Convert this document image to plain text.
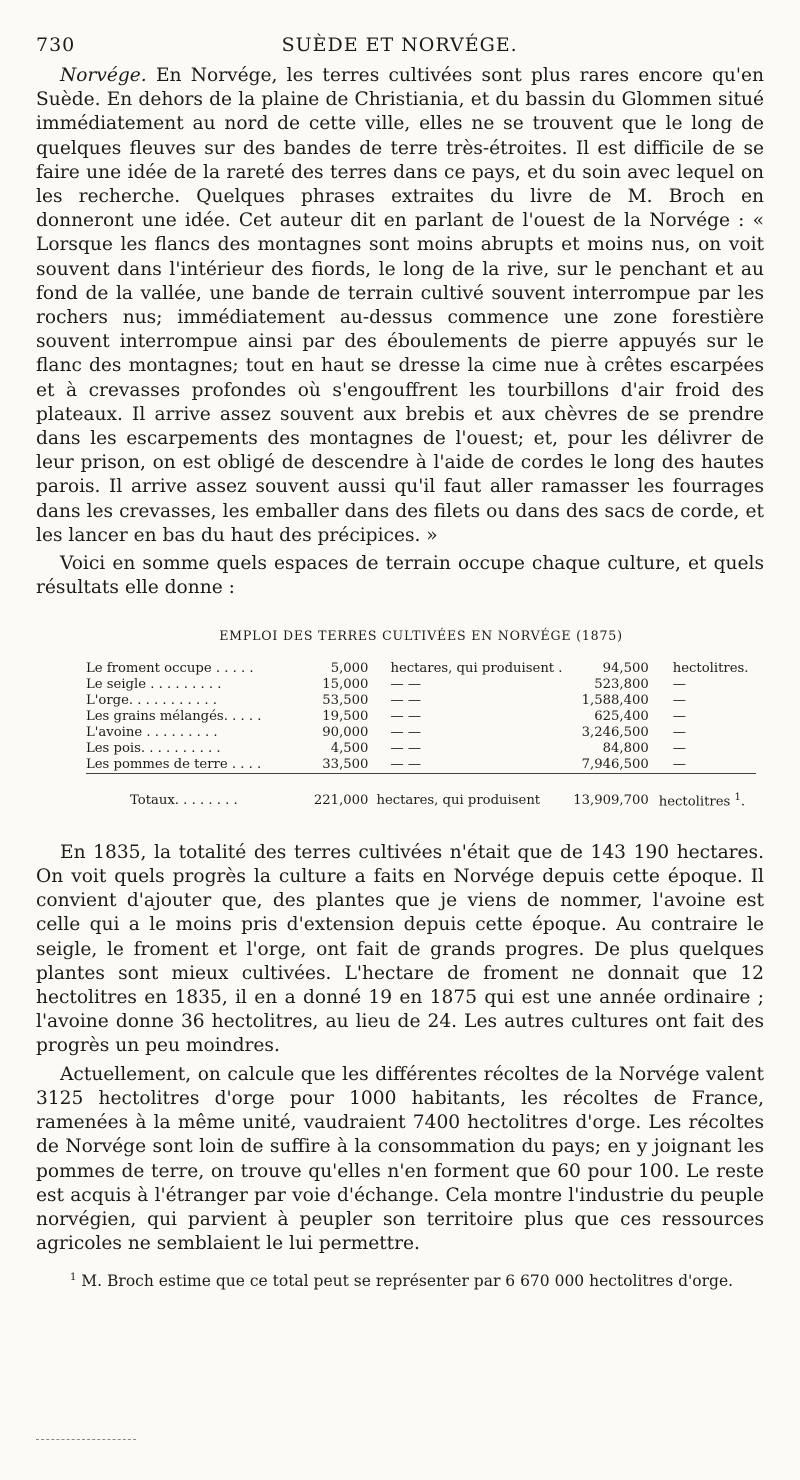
730	SUÈDE ET NORVÉGE.

Norvége. En Norvége, les terres cultivées sont plus rares encore qu'en Suède. En dehors de la plaine de Christiania, et du bassin du Glommen situé immédiatement au nord de cette ville, elles ne se trouvent que le long de quelques fleuves sur des bandes de terre très-étroites. Il est difficile de se faire une idée de la rareté des terres dans ce pays, et du soin avec lequel on les recherche. Quelques phrases extraites du livre de M. Broch en donneront une idée. Cet auteur dit en parlant de l'ouest de la Norvége : « Lorsque les flancs des montagnes sont moins abrupts et moins nus, on voit souvent dans l'intérieur des fiords, le long de la rive, sur le penchant et au fond de la vallée, une bande de terrain cultivé souvent interrompue par les rochers nus; immédiatement au-dessus commence une zone forestière souvent interrompue ainsi par des éboulements de pierre appuyés sur le flanc des montagnes; tout en haut se dresse la cime nue à crêtes escarpées et à crevasses profondes où s'engouffrent les tourbillons d'air froid des plateaux. Il arrive assez souvent aux brebis et aux chèvres de se prendre dans les escarpements des montagnes de l'ouest; et, pour les délivrer de leur prison, on est obligé de descendre à l'aide de cordes le long des hautes parois. Il arrive assez souvent aussi qu'il faut aller ramasser les fourrages dans les crevasses, les emballer dans des filets ou dans des sacs de corde, et les lancer en bas du haut des précipices. »

Voici en somme quels espaces de terrain occupe chaque culture, et quels résultats elle donne :

EMPLOI DES TERRES CULTIVÉES EN NORVÉGE (1875)
Le froment occupe . . . . .	5,000	hectares, qui produisent .	94,500	hectolitres.
Le seigle . . . . . . . . .	15,000	— —	523,800	—
L'orge. . . . . . . . . . .	53,500	— —	1,588,400	—
Les grains mélangés. . . . .	19,500	— —	625,400	—
L'avoine . . . . . . . . .	90,000	— —	3,246,500	—
Les pois. . . . . . . . . .	4,500	— —	84,800	—
Les pommes de terre . . . .	33,500	— —	7,946,500	—

Totaux. . . . . . . .	221,000	hectares, qui produisent	13,909,700	hectolitres $^1$.

En 1835, la totalité des terres cultivées n'était que de 143 190 hectares. On voit quels progrès la culture a faits en Norvége depuis cette époque. Il convient d'ajouter que, des plantes que je viens de nommer, l'avoine est celle qui a le moins pris d'extension depuis cette époque. Au contraire le seigle, le froment et l'orge, ont fait de grands progres. De plus quelques plantes sont mieux cultivées. L'hectare de froment ne donnait que 12 hectolitres en 1835, il en a donné 19 en 1875 qui est une année ordinaire ; l'avoine donne 36 hectolitres, au lieu de 24. Les autres cultures ont fait des progrès un peu moindres.

Actuellement, on calcule que les différentes récoltes de la Norvége valent 3125 hectolitres d'orge pour 1000 habitants, les récoltes de France, ramenées à la même unité, vaudraient 7400 hectolitres d'orge. Les récoltes de Norvége sont loin de suffire à la consommation du pays; en y joignant les pommes de terre, on trouve qu'elles n'en forment que 60 pour 100. Le reste est acquis à l'étranger par voie d'échange. Cela montre l'industrie du peuple norvégien, qui parvient à peupler son territoire plus que ces ressources agricoles ne semblaient le lui permettre.

$^1$ M. Broch estime que ce total peut se représenter par 6 670 000 hectolitres d'orge.
